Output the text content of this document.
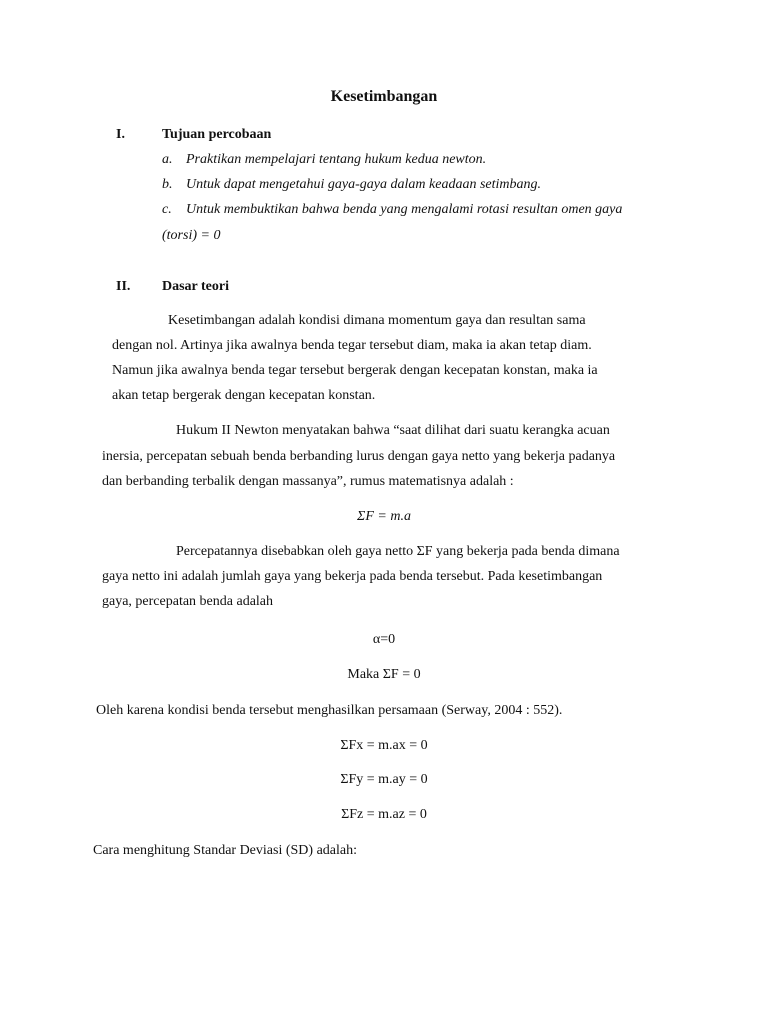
Kesetimbangan
I.	Tujuan percobaan
a. Praktikan mempelajari tentang hukum kedua newton.
b. Untuk dapat mengetahui gaya-gaya dalam keadaan setimbang.
c. Untuk membuktikan bahwa benda yang mengalami rotasi resultan omen gaya
(torsi) = 0
II. Dasar teori
Kesetimbangan adalah kondisi dimana momentum gaya dan resultan sama
dengan nol. Artinya jika awalnya benda tegar tersebut diam, maka ia akan tetap diam.
Namun jika awalnya benda tegar tersebut bergerak dengan kecepatan konstan, maka ia
akan tetap bergerak dengan kecepatan konstan.
Hukum II Newton menyatakan bahwa “saat dilihat dari suatu kerangka acuan
inersia, percepatan sebuah benda berbanding lurus dengan gaya netto yang bekerja padanya
dan berbanding terbalik dengan massanya”, rumus matematisnya adalah :
ΣF = m.a
Percepatannya disebabkan oleh gaya netto ΣF yang bekerja pada benda dimana
gaya netto ini adalah jumlah gaya yang bekerja pada benda tersebut. Pada kesetimbangan
gaya, percepatan benda adalah
α=0
Maka ΣF = 0
Oleh karena kondisi benda tersebut menghasilkan persamaan (Serway, 2004 : 552).
ΣFx = m.ax = 0
ΣFy = m.ay = 0
ΣFz = m.az = 0
Cara menghitung Standar Deviasi (SD) adalah:
